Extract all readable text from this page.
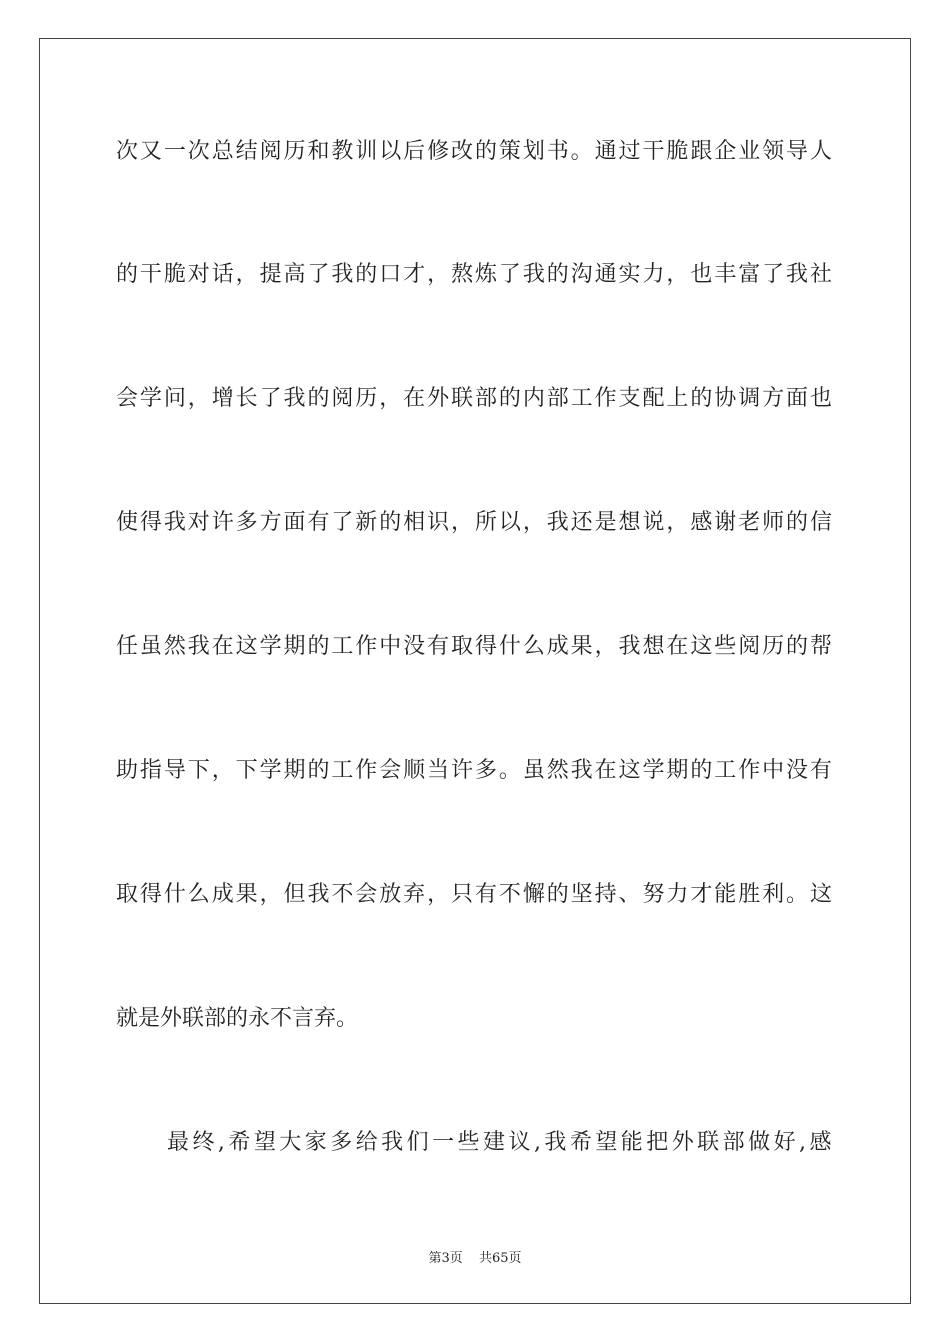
次又一次总结阅历和教训以后修改的策划书。通过干脆跟企业领导人
的干脆对话，提高了我的口才，熬炼了我的沟通实力，也丰富了我社
会学问，增长了我的阅历，在外联部的内部工作支配上的协调方面也
使得我对许多方面有了新的相识，所以，我还是想说，感谢老师的信
任虽然我在这学期的工作中没有取得什么成果，我想在这些阅历的帮
助指导下，下学期的工作会顺当许多。虽然我在这学期的工作中没有
取得什么成果，但我不会放弃，只有不懈的坚持、努力才能胜利。这
就是外联部的永不言弃。
最终,希望大家多给我们一些建议,我希望能把外联部做好,感
第3页 共65页
